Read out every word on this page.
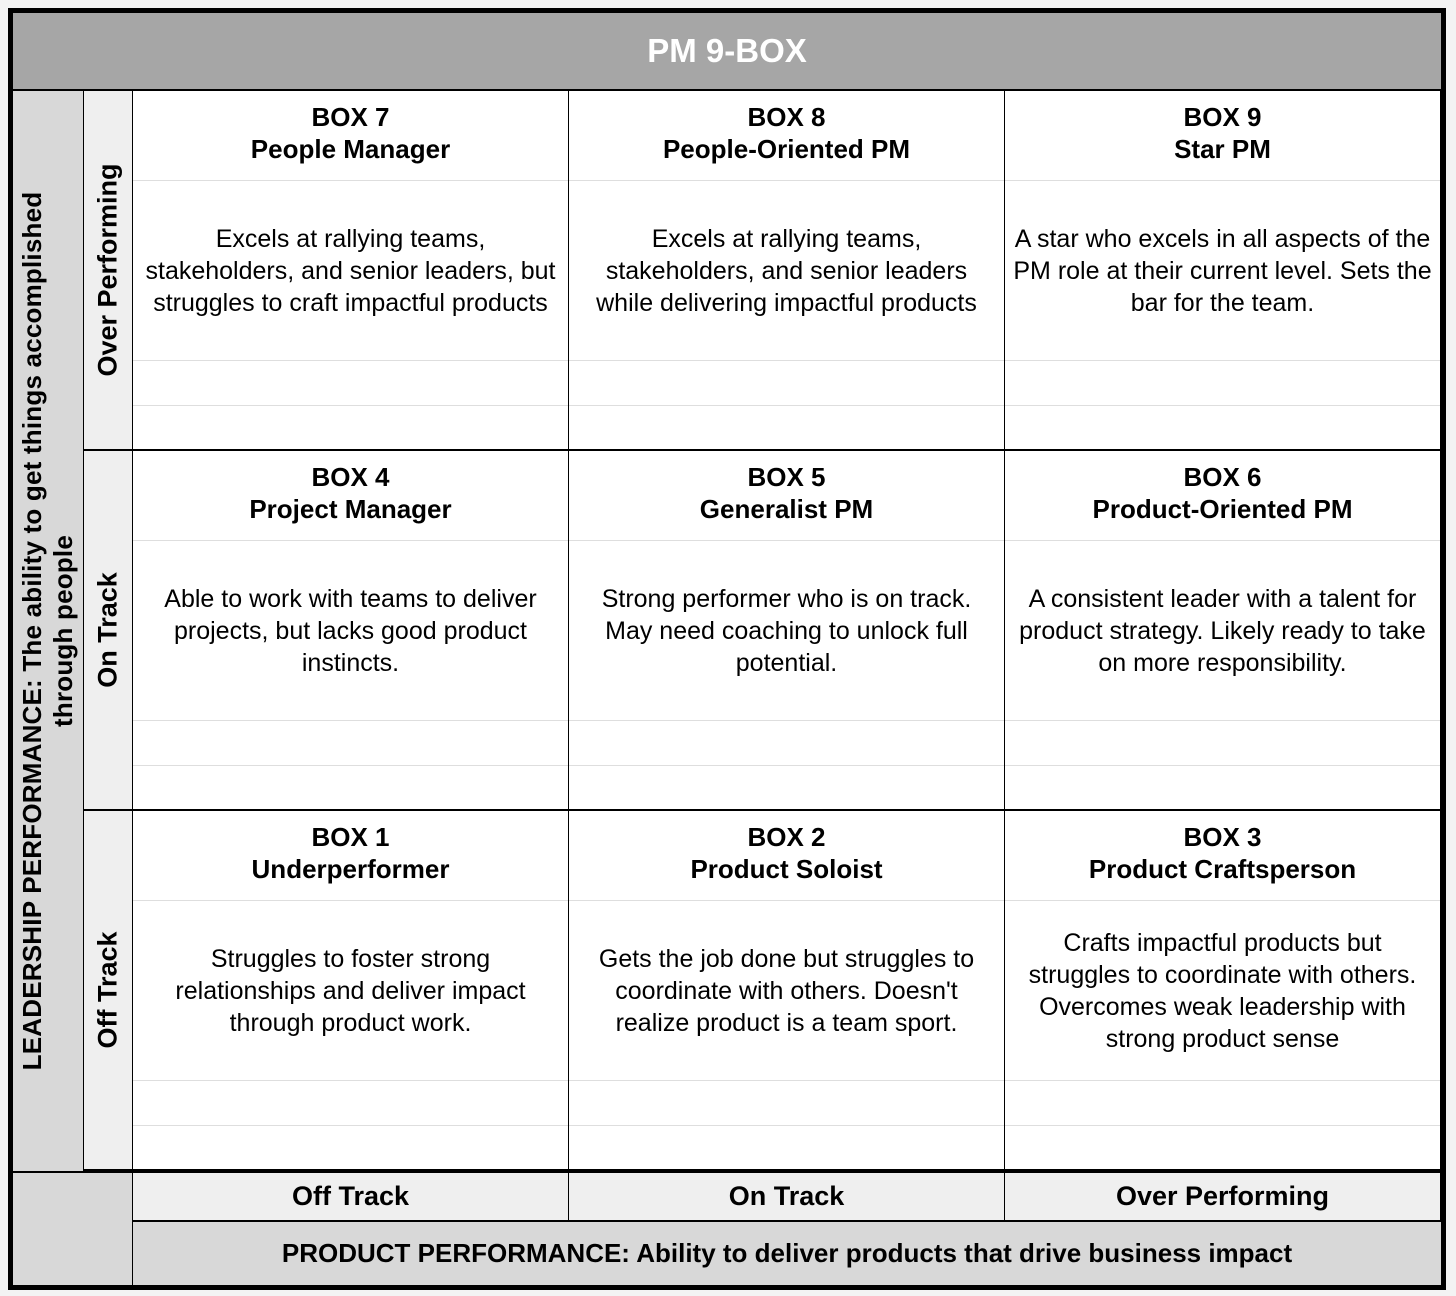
PM 9-BOX
LEADERSHIP PERFORMANCE: The ability to get things accomplished through people
Over Performing
On Track
Off Track
BOX 7
People Manager
Excels at rallying teams, stakeholders, and senior leaders, but struggles to craft impactful products
BOX 8
People-Oriented PM
Excels at rallying teams, stakeholders, and senior leaders while delivering impactful products
BOX 9
Star PM
A star who excels in all aspects of the PM role at their current level. Sets the bar for the team.
BOX 4
Project Manager
Able to work with teams to deliver projects, but lacks good product instincts.
BOX 5
Generalist PM
Strong performer who is on track. May need coaching to unlock full potential.
BOX 6
Product-Oriented PM
A consistent leader with a talent for product strategy. Likely ready to take on more responsibility.
BOX 1
Underperformer
Struggles to foster strong relationships and deliver impact through product work.
BOX 2
Product Soloist
Gets the job done but struggles to coordinate with others. Doesn't realize product is a team sport.
BOX 3
Product Craftsperson
Crafts impactful products but struggles to coordinate with others. Overcomes weak leadership with strong product sense
Off Track	On Track	Over Performing
PRODUCT PERFORMANCE: Ability to deliver products that drive business impact
